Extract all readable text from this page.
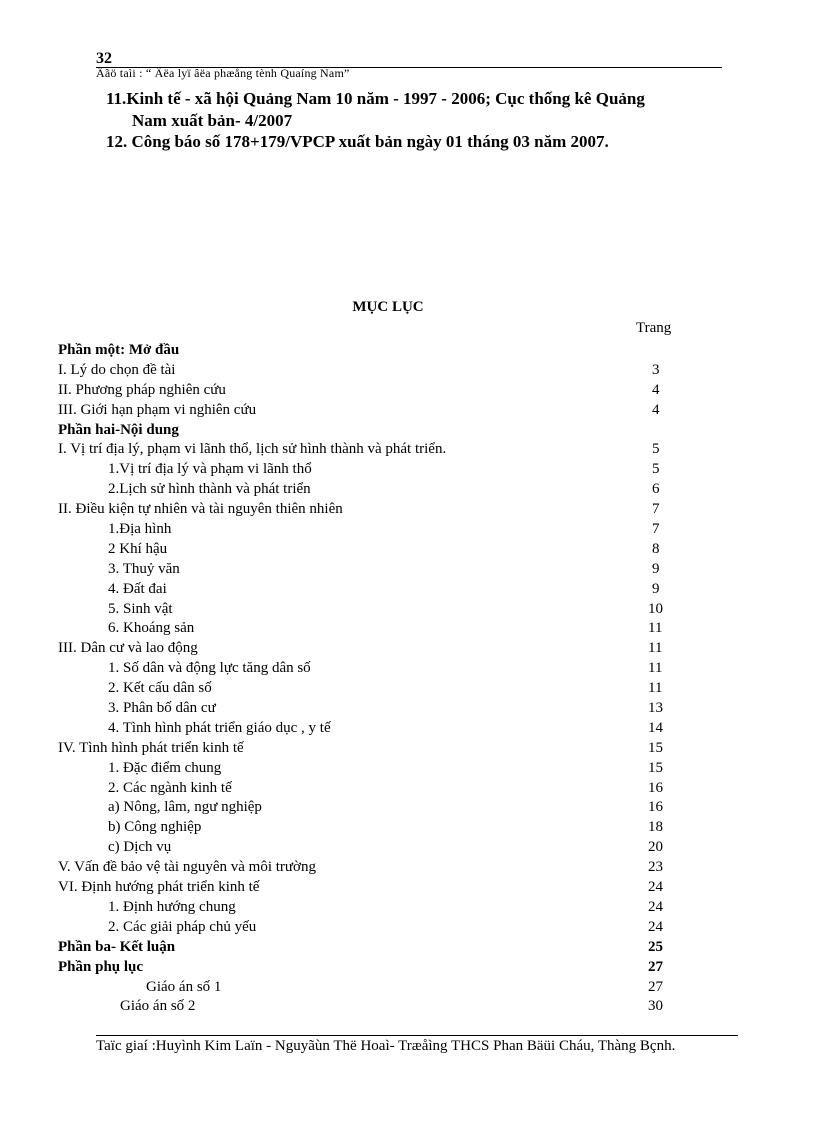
32
Âãö taìi : “ Âëa lyï âëa phæång tènh Quaíng Nam”
11.Kinh tế - xã hội Quảng Nam 10 năm - 1997 - 2006; Cục thống kê Quảng
Nam xuất bản- 4/2007
12. Công báo số 178+179/VPCP xuất bản ngày 01 tháng 03 năm 2007.
MỤC LỤC
Trang
Phần một: Mở đầu
I. Lý do chọn đề tài	3
II. Phương pháp nghiên cứu	4
III. Giới hạn phạm vi nghiên cứu	4
Phần hai-Nội dung
I. Vị trí địa lý, phạm vi lãnh thổ, lịch sử hình thành và phát triển.	5
1.Vị trí địa lý và phạm vi lãnh thổ	5
2.Lịch sử hình thành và phát triển	6
II. Điều kiện tự nhiên và tài nguyên thiên nhiên	7
1.Địa hình	7
2 Khí hậu	8
3. Thuỷ văn	9
4. Đất đai	9
5. Sinh vật	10
6. Khoáng sản	11
III. Dân cư và lao động	11
1. Số dân và động lực tăng dân số	11
2. Kết cấu dân số	11
3. Phân bố dân cư	13
4. Tình hình phát triển giáo dục , y tế	14
IV. Tình hình phát triển kinh tế	15
1. Đặc điểm chung	15
2. Các ngành kinh tế	16
a) Nông, lâm, ngư nghiệp	16
b) Công nghiệp	18
c) Dịch vụ	20
V. Vấn đề bảo vệ tài nguyên và môi trường	23
VI. Định hướng phát triển kinh tế	24
1. Định hướng chung	24
2. Các giải pháp chủ yếu	24
Phần ba- Kết luận	25
Phần phụ lục	27
Giáo án số 1	27
Giáo án số 2	30
Taïc giaí :Huyình Kim Laïn - Nguyãùn Thë Hoaì- Træåìng THCS Phan Bäüi Cháu, Thàng Bçnh.
